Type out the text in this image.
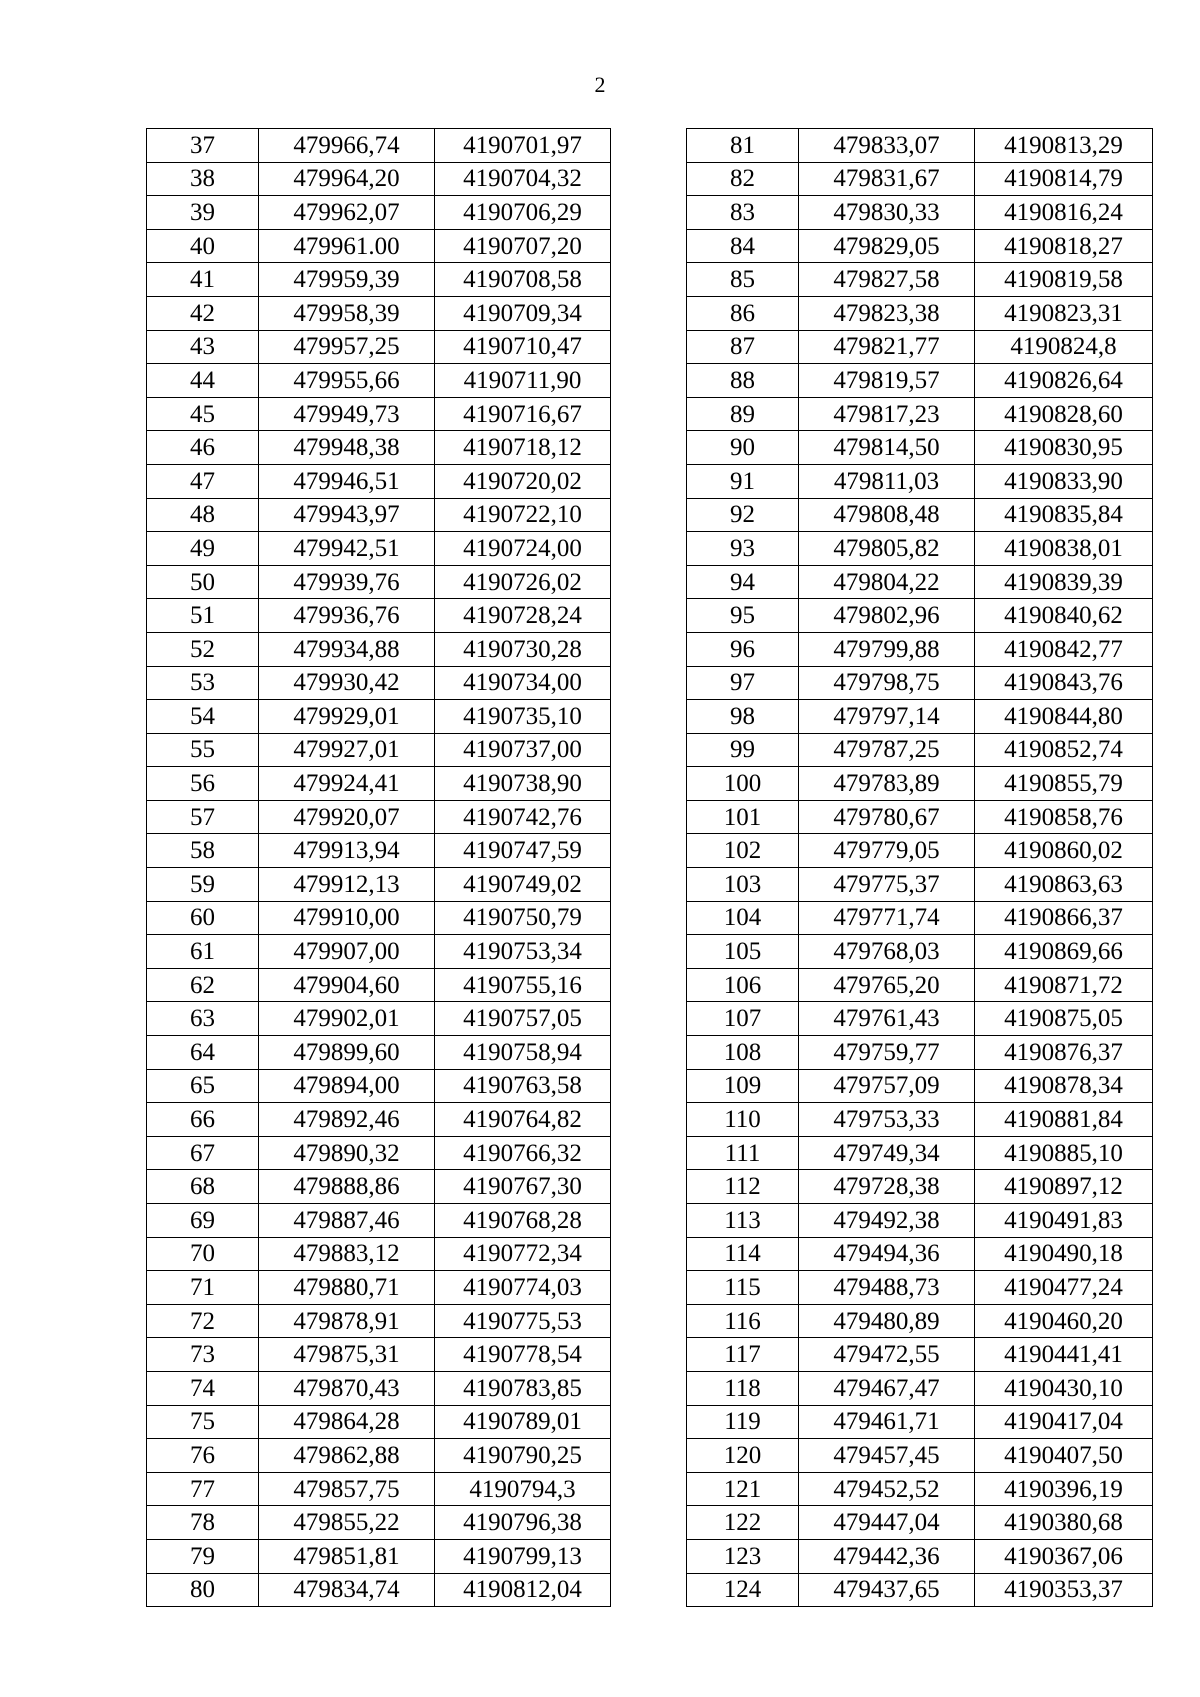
2
37	479966,74	4190701,97
38	479964,20	4190704,32
39	479962,07	4190706,29
40	479961.00	4190707,20
41	479959,39	4190708,58
42	479958,39	4190709,34
43	479957,25	4190710,47
44	479955,66	4190711,90
45	479949,73	4190716,67
46	479948,38	4190718,12
47	479946,51	4190720,02
48	479943,97	4190722,10
49	479942,51	4190724,00
50	479939,76	4190726,02
51	479936,76	4190728,24
52	479934,88	4190730,28
53	479930,42	4190734,00
54	479929,01	4190735,10
55	479927,01	4190737,00
56	479924,41	4190738,90
57	479920,07	4190742,76
58	479913,94	4190747,59
59	479912,13	4190749,02
60	479910,00	4190750,79
61	479907,00	4190753,34
62	479904,60	4190755,16
63	479902,01	4190757,05
64	479899,60	4190758,94
65	479894,00	4190763,58
66	479892,46	4190764,82
67	479890,32	4190766,32
68	479888,86	4190767,30
69	479887,46	4190768,28
70	479883,12	4190772,34
71	479880,71	4190774,03
72	479878,91	4190775,53
73	479875,31	4190778,54
74	479870,43	4190783,85
75	479864,28	4190789,01
76	479862,88	4190790,25
77	479857,75	4190794,3
78	479855,22	4190796,38
79	479851,81	4190799,13
80	479834,74	4190812,04
81	479833,07	4190813,29
82	479831,67	4190814,79
83	479830,33	4190816,24
84	479829,05	4190818,27
85	479827,58	4190819,58
86	479823,38	4190823,31
87	479821,77	4190824,8
88	479819,57	4190826,64
89	479817,23	4190828,60
90	479814,50	4190830,95
91	479811,03	4190833,90
92	479808,48	4190835,84
93	479805,82	4190838,01
94	479804,22	4190839,39
95	479802,96	4190840,62
96	479799,88	4190842,77
97	479798,75	4190843,76
98	479797,14	4190844,80
99	479787,25	4190852,74
100	479783,89	4190855,79
101	479780,67	4190858,76
102	479779,05	4190860,02
103	479775,37	4190863,63
104	479771,74	4190866,37
105	479768,03	4190869,66
106	479765,20	4190871,72
107	479761,43	4190875,05
108	479759,77	4190876,37
109	479757,09	4190878,34
110	479753,33	4190881,84
111	479749,34	4190885,10
112	479728,38	4190897,12
113	479492,38	4190491,83
114	479494,36	4190490,18
115	479488,73	4190477,24
116	479480,89	4190460,20
117	479472,55	4190441,41
118	479467,47	4190430,10
119	479461,71	4190417,04
120	479457,45	4190407,50
121	479452,52	4190396,19
122	479447,04	4190380,68
123	479442,36	4190367,06
124	479437,65	4190353,37
